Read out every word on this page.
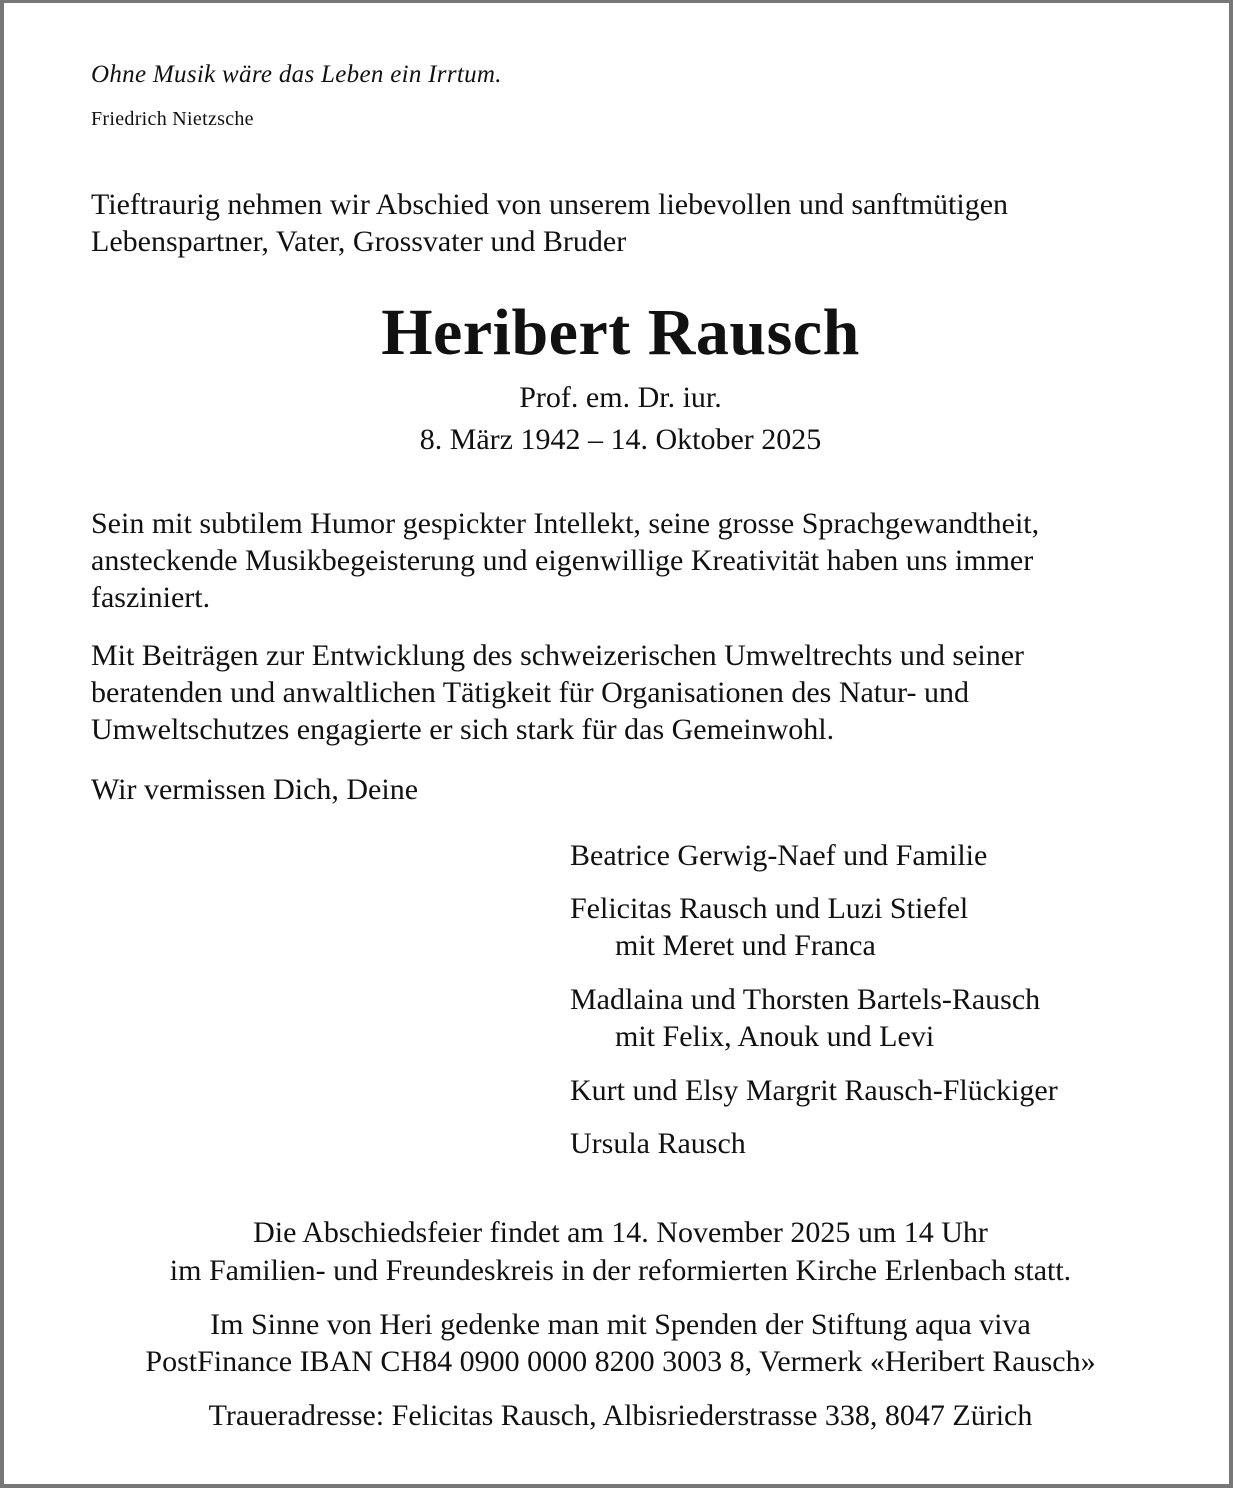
Ohne Musik wäre das Leben ein Irrtum.
Friedrich Nietzsche
Tieftraurig nehmen wir Abschied von unserem liebevollen und sanftmütigen Lebenspartner, Vater, Grossvater und Bruder
Heribert Rausch
Prof. em. Dr. iur.
8. März 1942 – 14. Oktober 2025
Sein mit subtilem Humor gespickter Intellekt, seine grosse Sprachgewandtheit, ansteckende Musikbegeisterung und eigenwillige Kreativität haben uns immer fasziniert.
Mit Beiträgen zur Entwicklung des schweizerischen Umweltrechts und seiner beratenden und anwaltlichen Tätigkeit für Organisationen des Natur- und Umweltschutzes engagierte er sich stark für das Gemeinwohl.
Wir vermissen Dich, Deine
Beatrice Gerwig-Naef und Familie
Felicitas Rausch und Luzi Stiefel
mit Meret und Franca
Madlaina und Thorsten Bartels-Rausch
mit Felix, Anouk und Levi
Kurt und Elsy Margrit Rausch-Flückiger
Ursula Rausch
Die Abschiedsfeier findet am 14. November 2025 um 14 Uhr
im Familien- und Freundeskreis in der reformierten Kirche Erlenbach statt.
Im Sinne von Heri gedenke man mit Spenden der Stiftung aqua viva
PostFinance IBAN CH84 0900 0000 8200 3003 8, Vermerk «Heribert Rausch»
Traueradresse: Felicitas Rausch, Albisriederstrasse 338, 8047 Zürich
